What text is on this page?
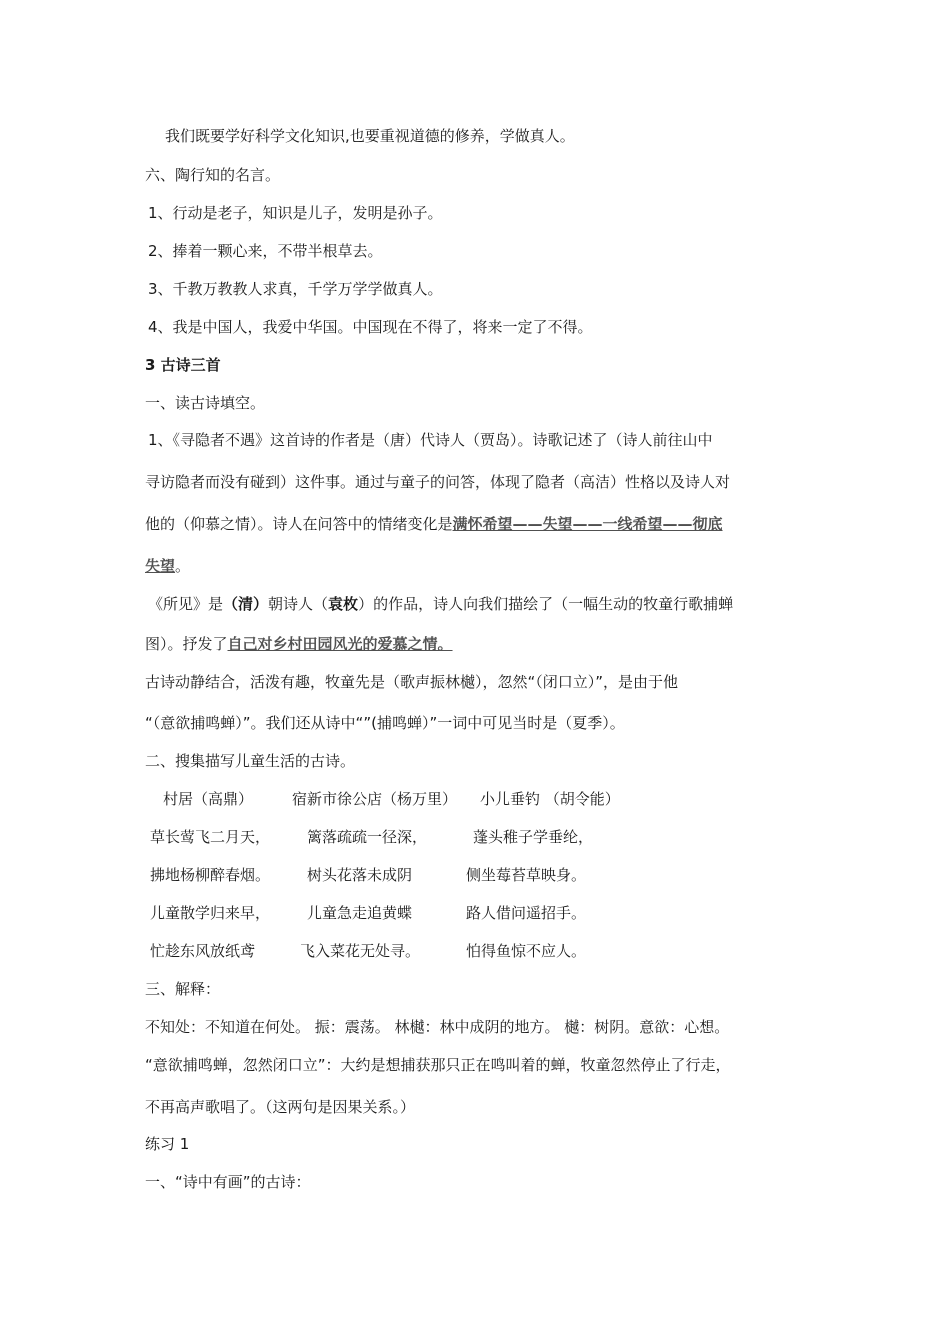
我们既要学好科学文化知识,也要重视道德的修养，学做真人。
六、陶行知的名言。
1、行动是老子，知识是儿子，发明是孙子。
2、捧着一颗心来，不带半根草去。
3、千教万教教人求真，千学万学学做真人。
4、我是中国人，我爱中华国。中国现在不得了，将来一定了不得。
3 古诗三首
一、读古诗填空。
1、《寻隐者不遇》这首诗的作者是（唐）代诗人（贾岛）。诗歌记述了（诗人前往山中
寻访隐者而没有碰到）这件事。通过与童子的问答，体现了隐者（高洁）性格以及诗人对
他的（仰慕之情）。诗人在问答中的情绪变化是满怀希望——失望——一线希望——彻底
失望。
《所见》是（清）朝诗人（袁枚）的作品，诗人向我们描绘了（一幅生动的牧童行歌捕蝉
图）。抒发了自己对乡村田园风光的爱慕之情。
古诗动静结合，活泼有趣，牧童先是（歌声振林樾），忽然“（闭口立）”，是由于他
“（意欲捕鸣蝉）”。我们还从诗中“”(捕鸣蝉）”一词中可见当时是（夏季）。
二、搜集描写儿童生活的古诗。
村居（高鼎）	宿新市徐公店（杨万里） 小儿垂钓 （胡令能）
草长莺飞二月天，
拂地杨柳醉春烟。
儿童散学归来早，
忙趁东风放纸鸢
篱落疏疏一径深，
树头花落未成阴
儿童急走追黄蝶
飞入菜花无处寻。
蓬头稚子学垂纶，
侧坐莓苔草映身。
路人借问遥招手。
怕得鱼惊不应人。
三、解释：
不知处：不知道在何处。 振：震荡。 林樾：林中成阴的地方。 樾：树阴。意欲：心想。
“意欲捕鸣蝉，忽然闭口立”：大约是想捕获那只正在鸣叫着的蝉，牧童忽然停止了行走，
不再高声歌唱了。（这两句是因果关系。）
练习 1
一、“诗中有画”的古诗：
